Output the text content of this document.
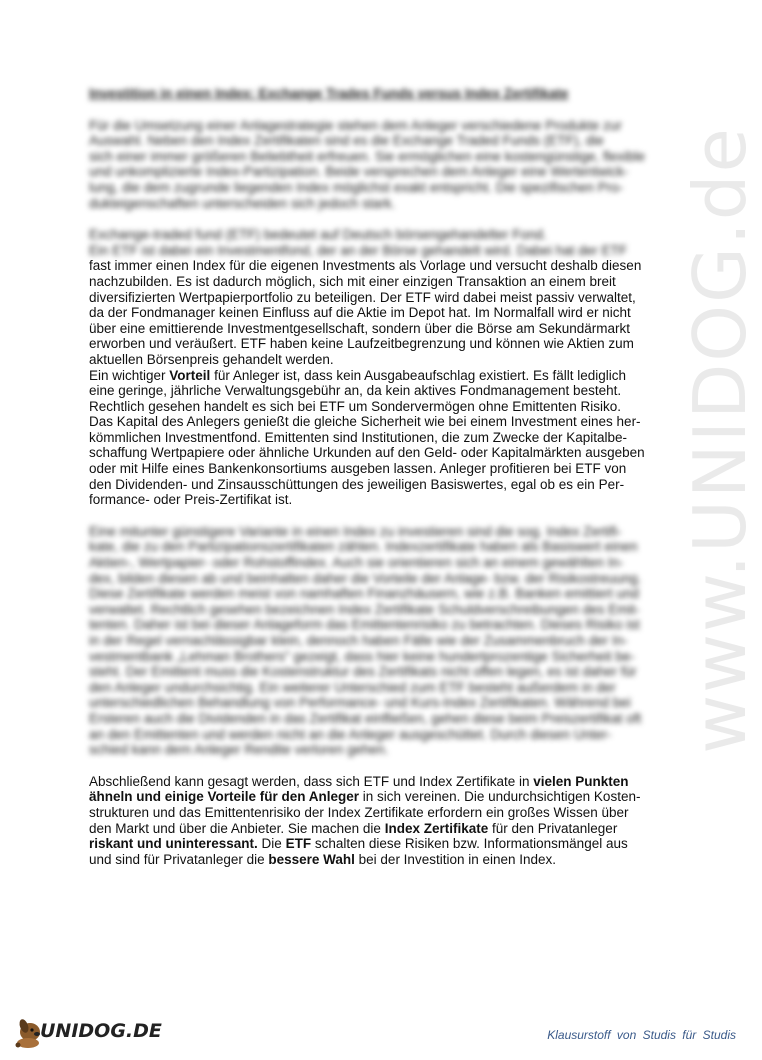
www.UNIDOG.de

Investition in einen Index: Exchange Trades Funds versus Index Zertifikate

Für die Umsetzung einer Anlagestrategie stehen dem Anleger verschiedene Produkte zur

Auswahl. Neben den Index Zertifikaten sind es die Exchange Traded Funds (ETF), die

sich einer immer größeren Beliebtheit erfreuen. Sie ermöglichen eine kostengünstige, flexible

und unkomplizierte Index-Partizipation. Beide versprechen dem Anleger eine Wertentwick-

lung, die dem zugrunde liegenden Index möglichst exakt entspricht. Die spezifischen Pro-

dukteigenschaften unterscheiden sich jedoch stark.

Exchange-traded fund (ETF) bedeutet auf Deutsch börsengehandelter Fond.

Ein ETF ist dabei ein Investmentfond, der an der Börse gehandelt wird. Dabei hat der ETF

fast immer einen Index für die eigenen Investments als Vorlage und versucht deshalb diesen

nachzubilden. Es ist dadurch möglich, sich mit einer einzigen Transaktion an einem breit

diversifizierten Wertpapierportfolio zu beteiligen. Der ETF wird dabei meist passiv verwaltet,

da der Fondmanager keinen Einfluss auf die Aktie im Depot hat. Im Normalfall wird er nicht

über eine emittierende Investmentgesellschaft, sondern über die Börse am Sekundärmarkt

erworben und veräußert. ETF haben keine Laufzeitbegrenzung und können wie Aktien zum

aktuellen Börsenpreis gehandelt werden.

Ein wichtiger Vorteil für Anleger ist, dass kein Ausgabeaufschlag existiert. Es fällt lediglich

eine geringe, jährliche Verwaltungsgebühr an, da kein aktives Fondmanagement besteht.

Rechtlich gesehen handelt es sich bei ETF um Sondervermögen ohne Emittenten Risiko.

Das Kapital des Anlegers genießt die gleiche Sicherheit wie bei einem Investment eines her-

kömmlichen Investmentfond. Emittenten sind Institutionen, die zum Zwecke der Kapitalbe-

schaffung Wertpapiere oder ähnliche Urkunden auf den Geld- oder Kapitalmärkten ausgeben

oder mit Hilfe eines Bankenkonsortiums ausgeben lassen. Anleger profitieren bei ETF von

den Dividenden- und Zinsausschüttungen des jeweiligen Basiswertes, egal ob es ein Per-

formance- oder Preis-Zertifikat ist.

Eine mitunter günstigere Variante in einen Index zu investieren sind die sog. Index Zertifi-

kate, die zu den Partizipationszertifikaten zählen. Indexzertifikate haben als Basiswert einen

Aktien-, Wertpapier- oder Rohstoffindex. Auch sie orientieren sich an einem gewählten In-

dex, bilden diesen ab und beinhalten daher die Vorteile der Anlage- bzw. der Risikostreuung.

Diese Zertifikate werden meist von namhaften Finanzhäusern, wie z.B. Banken emittiert und

verwaltet. Rechtlich gesehen bezeichnen Index Zertifikate Schuldverschreibungen des Emit-

tenten. Daher ist bei dieser Anlageform das Emittentenrisiko zu betrachten. Dieses Risiko ist

in der Regel vernachlässigbar klein, dennoch haben Fälle wie der Zusammenbruch der In-

vestmentbank „Lehman Brothers" gezeigt, dass hier keine hundertprozentige Sicherheit be-

steht. Der Emittent muss die Kostenstruktur des Zertifikats nicht offen legen, es ist daher für

den Anleger undurchsichtig. Ein weiterer Unterschied zum ETF besteht außerdem in der

unterschiedlichen Behandlung von Performance- und Kurs-Index Zertifikaten. Während bei

Ersteren auch die Dividenden in das Zertifikat einfließen, gehen diese beim Preiszertifikat oft

an den Emittenten und werden nicht an die Anleger ausgeschüttet. Durch diesen Unter-

schied kann dem Anleger Rendite verloren gehen.

Abschließend kann gesagt werden, dass sich ETF und Index Zertifikate in vielen Punkten

ähneln und einige Vorteile für den Anleger in sich vereinen. Die undurchsichtigen Kosten-

strukturen und das Emittentenrisiko der Index Zertifikate erfordern ein großes Wissen über

den Markt und über die Anbieter. Sie machen die Index Zertifikate für den Privatanleger

riskant und uninteressant. Die ETF schalten diese Risiken bzw. Informationsmängel aus

und sind für Privatanleger die bessere Wahl bei der Investition in einen Index.

UNIDOG.DE	Klausurstoff von Studis für Studis
